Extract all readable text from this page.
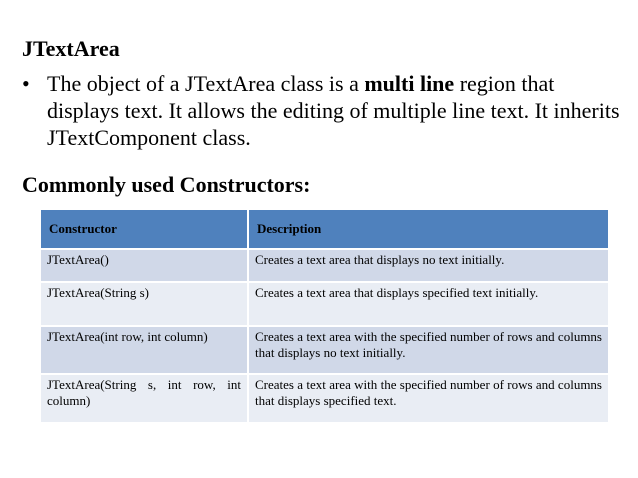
JTextArea
• The object of a JTextArea class is a multi line region that displays text. It allows the editing of multiple line text. It inherits JTextComponent class.
Commonly used Constructors:
Constructor	Description
JTextArea()	Creates a text area that displays no text initially.
JTextArea(String s)	Creates a text area that displays specified text initially.
JTextArea(int row, int column)	Creates a text area with the specified number of rows and columns that displays no text initially.
JTextArea(String s, int row, int column)	Creates a text area with the specified number of rows and columns that displays specified text.
